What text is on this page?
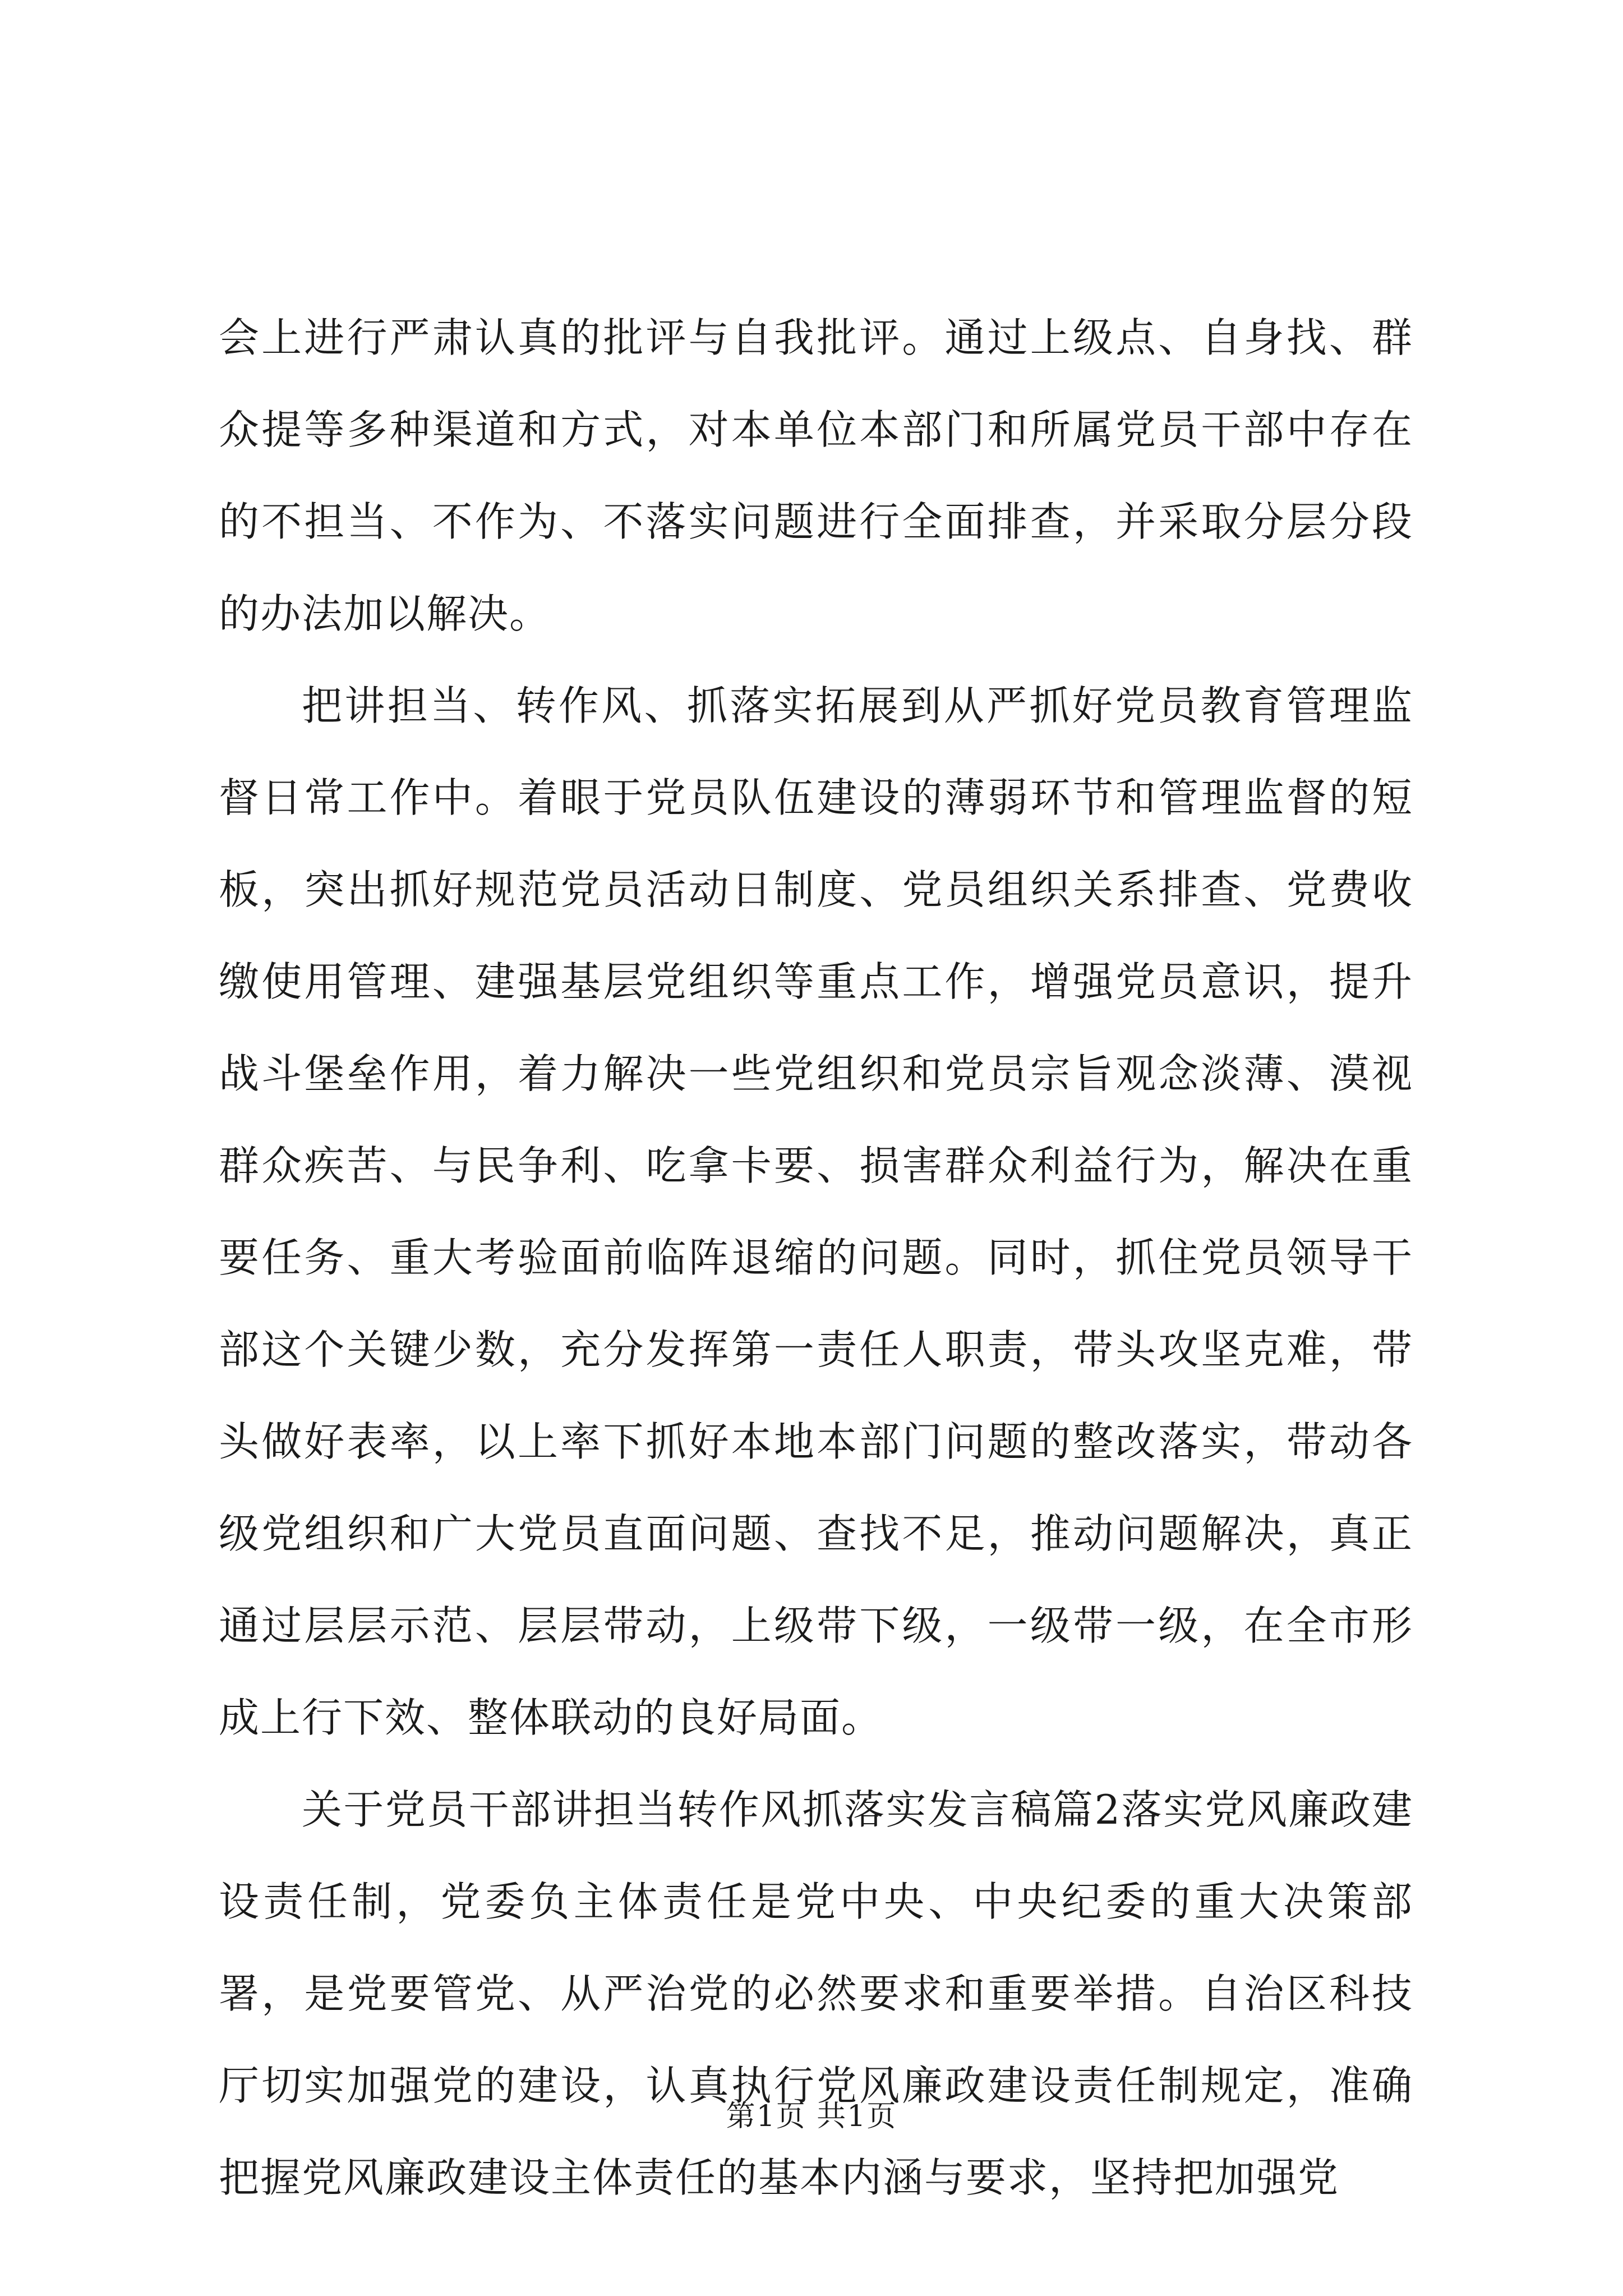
会上进行严肃认真的批评与自我批评。通过上级点、自身找、群众提等多种渠道和方式，对本单位本部门和所属党员干部中存在的不担当、不作为、不落实问题进行全面排查，并采取分层分段的办法加以解决。

把讲担当、转作风、抓落实拓展到从严抓好党员教育管理监督日常工作中。着眼于党员队伍建设的薄弱环节和管理监督的短板，突出抓好规范党员活动日制度、党员组织关系排查、党费收缴使用管理、建强基层党组织等重点工作，增强党员意识，提升战斗堡垒作用，着力解决一些党组织和党员宗旨观念淡薄、漠视群众疾苦、与民争利、吃拿卡要、损害群众利益行为，解决在重要任务、重大考验面前临阵退缩的问题。同时，抓住党员领导干部这个关键少数，充分发挥第一责任人职责，带头攻坚克难，带头做好表率，以上率下抓好本地本部门问题的整改落实，带动各级党组织和广大党员直面问题、查找不足，推动问题解决，真正通过层层示范、层层带动，上级带下级，一级带一级，在全市形成上行下效、整体联动的良好局面。

关于党员干部讲担当转作风抓落实发言稿篇2落实党风廉政建设责任制，党委负主体责任是党中央、中央纪委的重大决策部署，是党要管党、从严治党的必然要求和重要举措。自治区科技厅切实加强党的建设，认真执行党风廉政建设责任制规定，准确把握党风廉政建设主体责任的基本内涵与要求，坚持把加强党

第1页 共1页
